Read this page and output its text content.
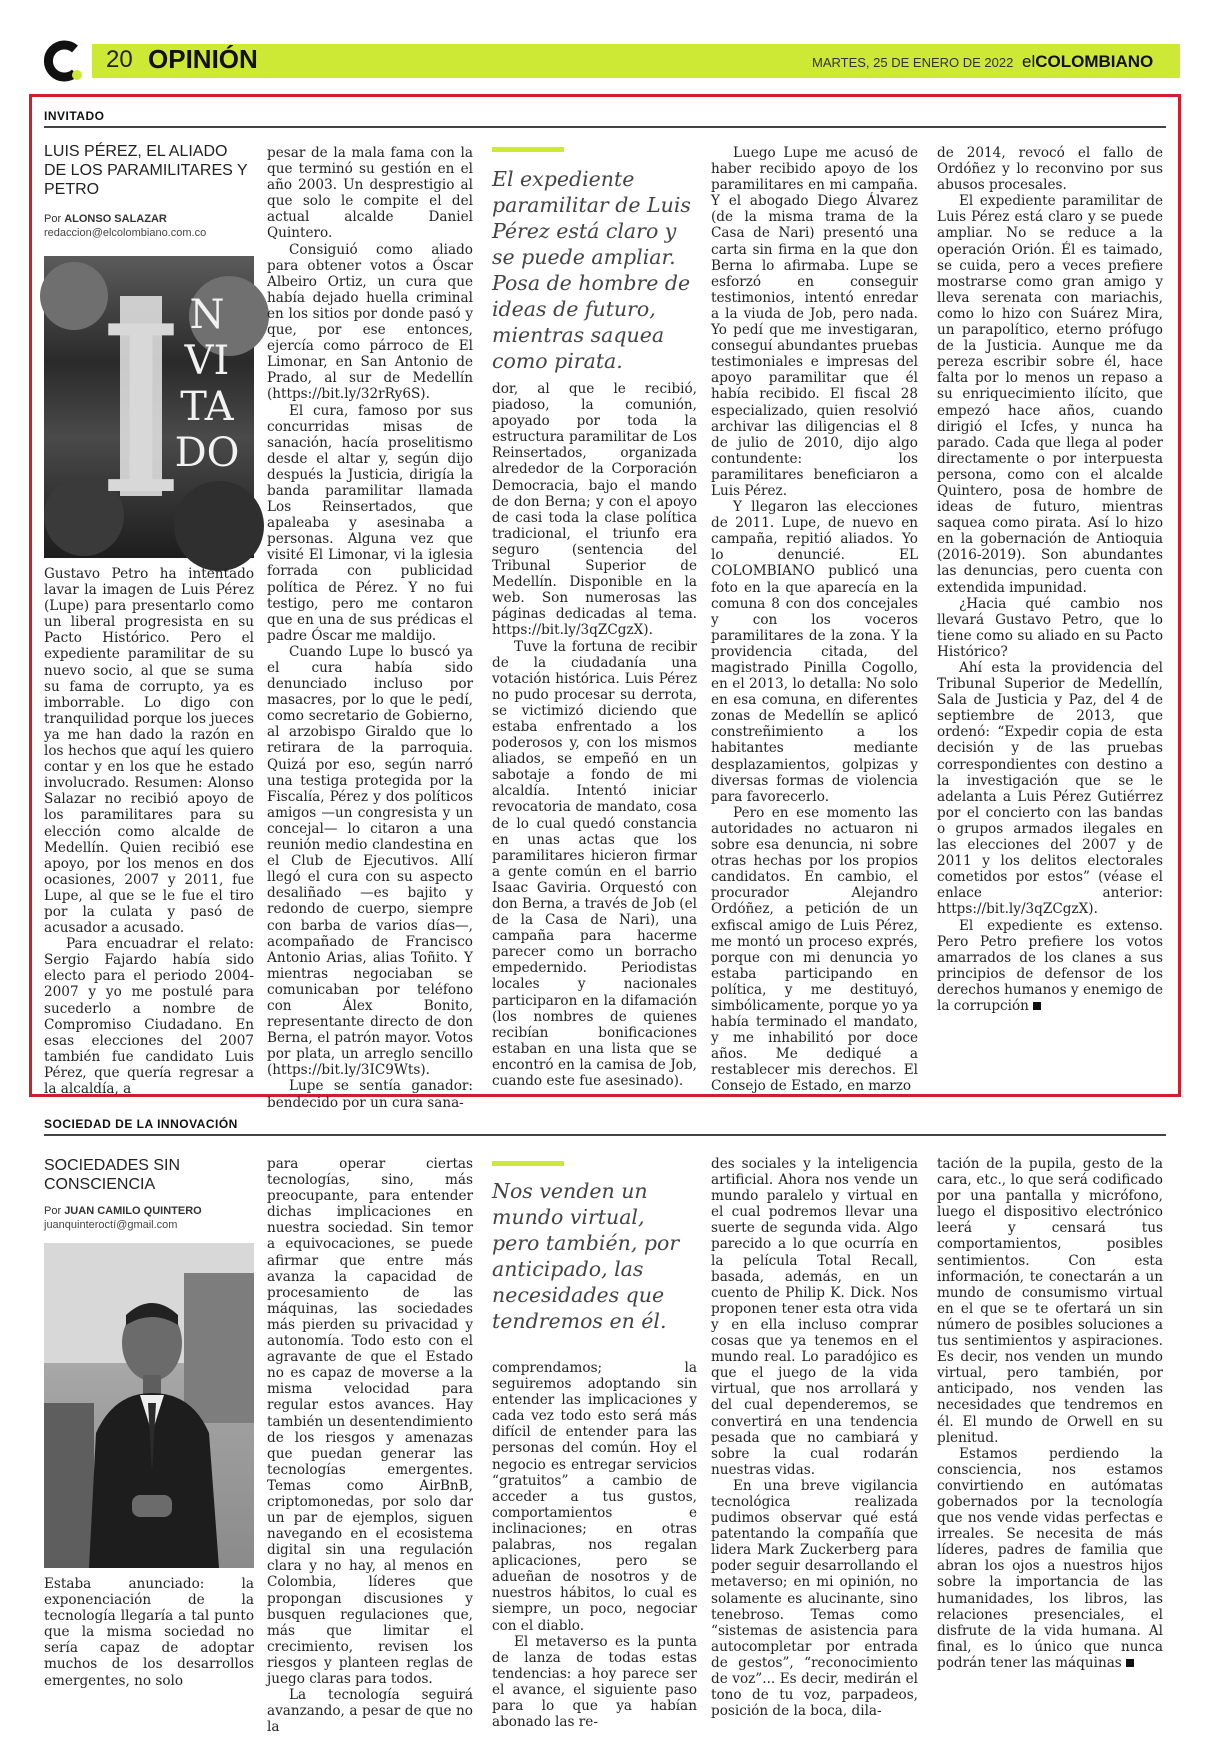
20 OPINIÓN	MARTES, 25 DE ENERO DE 2022 elCOLOMBIANO
INVITADO
LUIS PÉREZ, EL ALIADO DE LOS PARAMILITARES Y PETRO
Por ALONSO SALAZAR
redaccion@elcolombiano.com.co
I N
VI
TA
DO

Gustavo Petro ha intentado lavar la imagen de Luis Pérez (Lupe) para presentarlo como un liberal progresista en su Pacto Histórico. Pero el expediente paramilitar de su nuevo socio, al que se suma su fama de corrupto, ya es imborrable. Lo digo con tranquilidad porque los jueces ya me han dado la razón en los hechos que aquí les quiero contar y en los que he estado involucrado. Resumen: Alonso Salazar no recibió apoyo de los paramilitares para su elección como alcalde de Medellín. Quien recibió ese apoyo, por los menos en dos ocasiones, 2007 y 2011, fue Lupe, al que se le fue el tiro por la culata y pasó de acusador a acusado.

Para encuadrar el relato: Sergio Fajardo había sido electo para el periodo 2004-2007 y yo me postulé para sucederlo a nombre de Compromiso Ciudadano. En esas elecciones del 2007 también fue candidato Luis Pérez, que quería regresar a la alcaldía, a

pesar de la mala fama con la que terminó su gestión en el año 2003. Un desprestigio al que solo le compite el del actual alcalde Daniel Quintero.

Consiguió como aliado para obtener votos a Óscar Albeiro Ortiz, un cura que había dejado huella criminal en los sitios por donde pasó y que, por ese entonces, ejercía como párroco de El Limonar, en San Antonio de Prado, al sur de Medellín (https://bit.ly/32rRy6S).

El cura, famoso por sus concurridas misas de sanación, hacía proselitismo desde el altar y, según dijo después la Justicia, dirigía la banda paramilitar llamada Los Reinsertados, que apaleaba y asesinaba a personas. Alguna vez que visité El Limonar, vi la iglesia forrada con publicidad política de Pérez. Y no fui testigo, pero me contaron que en una de sus prédicas el padre Óscar me maldijo.

Cuando Lupe lo buscó ya el cura había sido denunciado incluso por masacres, por lo que le pedí, como secretario de Gobierno, al arzobispo Giraldo que lo retirara de la parroquia. Quizá por eso, según narró una testiga protegida por la Fiscalía, Pérez y dos políticos amigos —un congresista y un concejal— lo citaron a una reunión medio clandestina en el Club de Ejecutivos. Allí llegó el cura con su aspecto desaliñado —es bajito y redondo de cuerpo, siempre con barba de varios días—, acompañado de Francisco Antonio Arias, alias Toñito. Y mientras negociaban se comunicaban por teléfono con Álex Bonito, representante directo de don Berna, el patrón mayor. Votos por plata, un arreglo sencillo (https://bit.ly/3IC9Wts).

Lupe se sentía ganador: bendecido por un cura sana-

El expediente paramilitar de Luis Pérez está claro y se puede ampliar. Posa de hombre de ideas de futuro, mientras saquea como pirata.

dor, al que le recibió, piadoso, la comunión, apoyado por toda la estructura paramilitar de Los Reinsertados, organizada alrededor de la Corporación Democracia, bajo el mando de don Berna; y con el apoyo de casi toda la clase política tradicional, el triunfo era seguro (sentencia del Tribunal Superior de Medellín. Disponible en la web. Son numerosas las páginas dedicadas al tema. https://bit.ly/3qZCgzX).

Tuve la fortuna de recibir de la ciudadanía una votación histórica. Luis Pérez no pudo procesar su derrota, se victimizó diciendo que estaba enfrentado a los poderosos y, con los mismos aliados, se empeñó en un sabotaje a fondo de mi alcaldía. Intentó iniciar revocatoria de mandato, cosa de lo cual quedó constancia en unas actas que los paramilitares hicieron firmar a gente común en el barrio Isaac Gaviria. Orquestó con don Berna, a través de Job (el de la Casa de Nari), una campaña para hacerme parecer como un borracho empedernido. Periodistas locales y nacionales participaron en la difamación (los nombres de quienes recibían bonificaciones estaban en una lista que se encontró en la camisa de Job, cuando este fue asesinado).

Luego Lupe me acusó de haber recibido apoyo de los paramilitares en mi campaña. Y el abogado Diego Álvarez (de la misma trama de la Casa de Nari) presentó una carta sin firma en la que don Berna lo afirmaba. Lupe se esforzó en conseguir testimonios, intentó enredar a la viuda de Job, pero nada. Yo pedí que me investigaran, conseguí abundantes pruebas testimoniales e impresas del apoyo paramilitar que él había recibido. El fiscal 28 especializado, quien resolvió archivar las diligencias el 8 de julio de 2010, dijo algo contundente: los paramilitares beneficiaron a Luis Pérez.

Y llegaron las elecciones de 2011. Lupe, de nuevo en campaña, repitió aliados. Yo lo denuncié. EL COLOMBIANO publicó una foto en la que aparecía en la comuna 8 con dos concejales y con los voceros paramilitares de la zona. Y la providencia citada, del magistrado Pinilla Cogollo, en el 2013, lo detalla: No solo en esa comuna, en diferentes zonas de Medellín se aplicó constreñimiento a los habitantes mediante desplazamientos, golpizas y diversas formas de violencia para favorecerlo.

Pero en ese momento las autoridades no actuaron ni sobre esa denuncia, ni sobre otras hechas por los propios candidatos. En cambio, el procurador Alejandro Ordóñez, a petición de un exfiscal amigo de Luis Pérez, me montó un proceso exprés, porque con mi denuncia yo estaba participando en política, y me destituyó, simbólicamente, porque yo ya había terminado el mandato, y me inhabilitó por doce años. Me dediqué a restablecer mis derechos. El Consejo de Estado, en marzo

de 2014, revocó el fallo de Ordóñez y lo reconvino por sus abusos procesales.

El expediente paramilitar de Luis Pérez está claro y se puede ampliar. No se reduce a la operación Orión. Él es taimado, se cuida, pero a veces prefiere mostrarse como gran amigo y lleva serenata con mariachis, como lo hizo con Suárez Mira, un parapolítico, eterno prófugo de la Justicia. Aunque me da pereza escribir sobre él, hace falta por lo menos un repaso a su enriquecimiento ilícito, que empezó hace años, cuando dirigió el Icfes, y nunca ha parado. Cada que llega al poder directamente o por interpuesta persona, como con el alcalde Quintero, posa de hombre de ideas de futuro, mientras saquea como pirata. Así lo hizo en la gobernación de Antioquia (2016-2019). Son abundantes las denuncias, pero cuenta con extendida impunidad.

¿Hacia qué cambio nos llevará Gustavo Petro, que lo tiene como su aliado en su Pacto Histórico?

Ahí esta la providencia del Tribunal Superior de Medellín, Sala de Justicia y Paz, del 4 de septiembre de 2013, que ordenó: “Expedir copia de esta decisión y de las pruebas correspondientes con destino a la investigación que se le adelanta a Luis Pérez Gutiérrez por el concierto con las bandas o grupos armados ilegales en las elecciones del 2007 y de 2011 y los delitos electorales cometidos por estos” (véase el enlace anterior: https://bit.ly/3qZCgzX).

El expediente es extenso. Pero Petro prefiere los votos amarrados de los clanes a sus principios de defensor de los derechos humanos y enemigo de la corrupción

SOCIEDAD DE LA INNOVACIÓN
SOCIEDADES SIN CONSCIENCIA
Por JUAN CAMILO QUINTERO
juanquinteroctí@gmail.com

Estaba anunciado: la exponenciación de la tecnología llegaría a tal punto que la misma sociedad no sería capaz de adoptar muchos de los desarrollos emergentes, no solo

para operar ciertas tecnologías, sino, más preocupante, para entender dichas implicaciones en nuestra sociedad. Sin temor a equivocaciones, se puede afirmar que entre más avanza la capacidad de procesamiento de las máquinas, las sociedades más pierden su privacidad y autonomía. Todo esto con el agravante de que el Estado no es capaz de moverse a la misma velocidad para regular estos avances. Hay también un desentendimiento de los riesgos y amenazas que puedan generar las tecnologías emergentes. Temas como AirBnB, criptomonedas, por solo dar un par de ejemplos, siguen navegando en el ecosistema digital sin una regulación clara y no hay, al menos en Colombia, líderes que propongan discusiones y busquen regulaciones que, más que limitar el crecimiento, revisen los riesgos y planteen reglas de juego claras para todos.

La tecnología seguirá avanzando, a pesar de que no la

Nos venden un mundo virtual, pero también, por anticipado, las necesidades que tendremos en él.

comprendamos; la seguiremos adoptando sin entender las implicaciones y cada vez todo esto será más difícil de entender para las personas del común. Hoy el negocio es entregar servicios “gratuitos” a cambio de acceder a tus gustos, comportamientos e inclinaciones; en otras palabras, nos regalan aplicaciones, pero se adueñan de nosotros y de nuestros hábitos, lo cual es siempre, un poco, negociar con el diablo.

El metaverso es la punta de lanza de todas estas tendencias: a hoy parece ser el avance, el siguiente paso para lo que ya habían abonado las re-

des sociales y la inteligencia artificial. Ahora nos vende un mundo paralelo y virtual en el cual podremos llevar una suerte de segunda vida. Algo parecido a lo que ocurría en la película Total Recall, basada, además, en un cuento de Philip K. Dick. Nos proponen tener esta otra vida y en ella incluso comprar cosas que ya tenemos en el mundo real. Lo paradójico es que el juego de la vida virtual, que nos arrollará y del cual dependeremos, se convertirá en una tendencia pesada que no cambiará y sobre la cual rodarán nuestras vidas.

En una breve vigilancia tecnológica realizada pudimos observar qué está patentando la compañía que lidera Mark Zuckerberg para poder seguir desarrollando el metaverso; en mi opinión, no solamente es alucinante, sino tenebroso. Temas como “sistemas de asistencia para autocompletar por entrada de gestos”, “reconocimiento de voz”... Es decir, medirán el tono de tu voz, parpadeos, posición de la boca, dila-

tación de la pupila, gesto de la cara, etc., lo que será codificado por una pantalla y micrófono, luego el dispositivo electrónico leerá y censará tus comportamientos, posibles sentimientos. Con esta información, te conectarán a un mundo de consumismo virtual en el que se te ofertará un sin número de posibles soluciones a tus sentimientos y aspiraciones. Es decir, nos venden un mundo virtual, pero también, por anticipado, nos venden las necesidades que tendremos en él. El mundo de Orwell en su plenitud.

Estamos perdiendo la consciencia, nos estamos convirtiendo en autómatas gobernados por la tecnología que nos vende vidas perfectas e irreales. Se necesita de más líderes, padres de familia que abran los ojos a nuestros hijos sobre la importancia de las humanidades, los libros, las relaciones presenciales, el disfrute de la vida humana. Al final, es lo único que nunca podrán tener las máquinas
